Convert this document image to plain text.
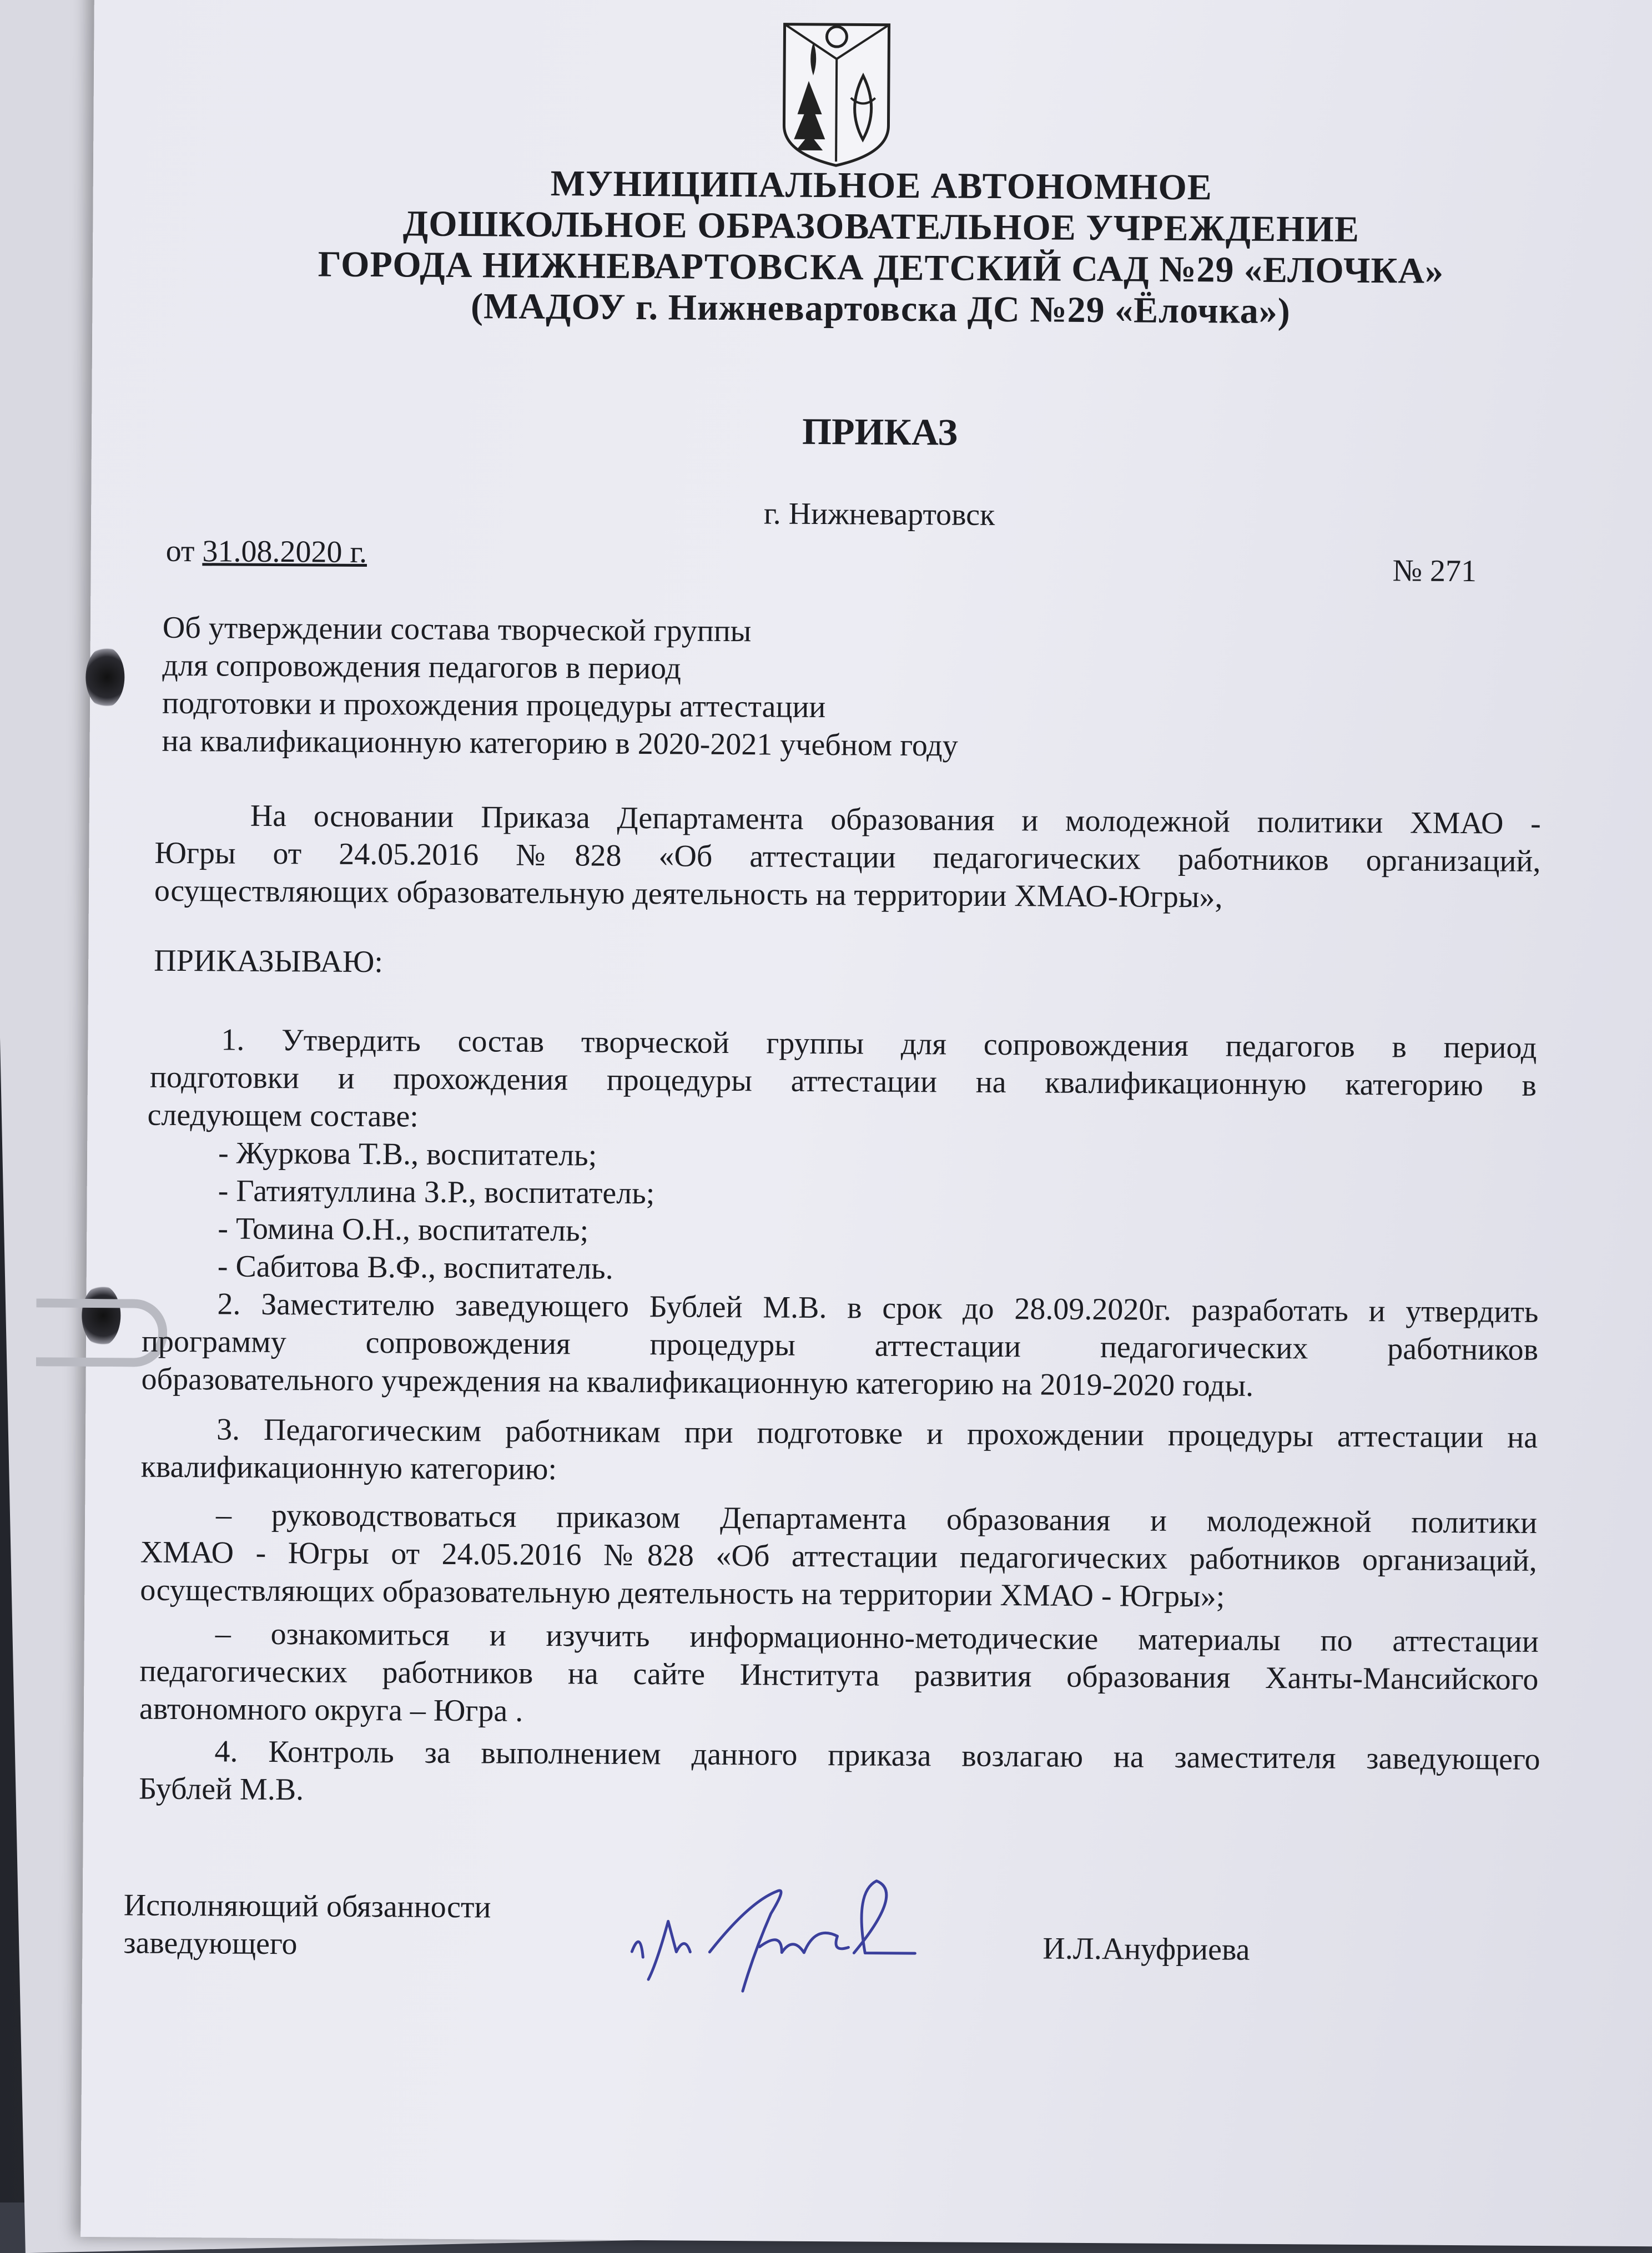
МУНИЦИПАЛЬНОЕ АВТОНОМНОЕ
ДОШКОЛЬНОЕ ОБРАЗОВАТЕЛЬНОЕ УЧРЕЖДЕНИЕ
ГОРОДА НИЖНЕВАРТОВСКА ДЕТСКИЙ САД №29 «ЕЛОЧКА»
(МАДОУ г. Нижневартовска ДС №29 «Ёлочка»)
ПРИКАЗ
г. Нижневартовск
от 31.08.2020 г.
№ 271
Об утверждении состава творческой группы
для сопровождения педагогов в период
подготовки и прохождения процедуры аттестации
на квалификационную категорию в 2020-2021 учебном году
На основании Приказа Департамента образования и молодежной политики ХМАО -
Югры от 24.05.2016 №828 «Об аттестации педагогических работников организаций,
осуществляющих образовательную деятельность на территории ХМАО-Югры»,
ПРИКАЗЫВАЮ:
1. Утвердить состав творческой группы для сопровождения педагогов в период
подготовки и прохождения процедуры аттестации на квалификационную категорию в
следующем составе:
- Журкова Т.В., воспитатель;
- Гатиятуллина З.Р., воспитатель;
- Томина О.Н., воспитатель;
- Сабитова В.Ф., воспитатель.
2. Заместителю заведующего Бублей М.В. в срок до 28.09.2020г. разработать и утвердить
программу сопровождения процедуры аттестации педагогических работников
образовательного учреждения на квалификационную категорию на 2019-2020 годы.
3. Педагогическим работникам при подготовке и прохождении процедуры аттестации на
квалификационную категорию:
– руководствоваться приказом Департамента образования и молодежной политики
ХМАО - Югры от 24.05.2016 №828 «Об аттестации педагогических работников организаций,
осуществляющих образовательную деятельность на территории ХМАО - Югры»;
– ознакомиться и изучить информационно-методические материалы по аттестации
педагогических работников на сайте Института развития образования Ханты-Мансийского
автономного округа – Югра .
4. Контроль за выполнением данного приказа возлагаю на заместителя заведующего
Бублей М.В.
Исполняющий обязанности
заведующего	И.Л.Ануфриева
